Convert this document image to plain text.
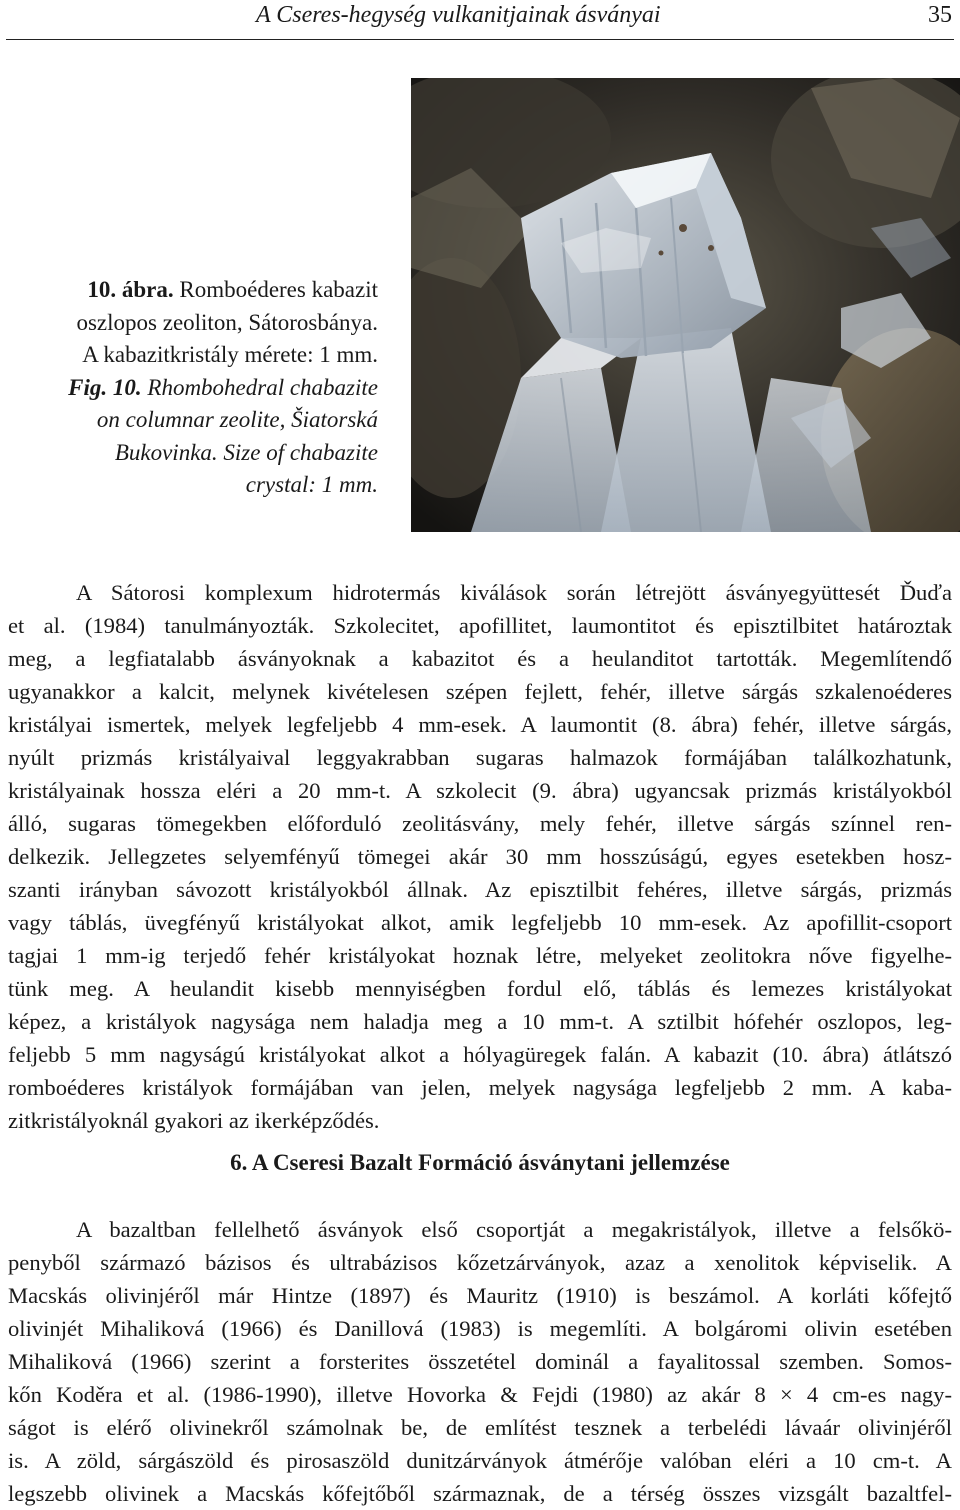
A Cseres-hegység vulkanitjainak ásványai	35
10. ábra. Romboéderes kabazit
oszlopos zeoliton, Sátorosbánya.
A kabazitkristály mérete: 1 mm.
Fig. 10. Rhombohedral chabazite
on columnar zeolite, Šiatorská
Bukovinka. Size of chabazite
crystal: 1 mm.
A Sátorosi komplexum hidrotermás kiválások során létrejött ásványegyüttesét Ďuďa
et al. (1984) tanulmányozták. Szkolecitet, apofillitet, laumontitot és episztilbitet határoztak
meg, a legfiatalabb ásványoknak a kabazitot és a heulanditot tartották. Megemlítendő
ugyanakkor a kalcit, melynek kivételesen szépen fejlett, fehér, illetve sárgás szkalenoéderes
kristályai ismertek, melyek legfeljebb 4 mm-esek. A laumontit (8. ábra) fehér, illetve sárgás,
nyúlt prizmás kristályaival leggyakrabban sugaras halmazok formájában találkozhatunk,
kristályainak hossza eléri a 20 mm-t. A szkolecit (9. ábra) ugyancsak prizmás kristályokból
álló, sugaras tömegekben előforduló zeolitásvány, mely fehér, illetve sárgás színnel ren-
delkezik. Jellegzetes selyemfényű tömegei akár 30 mm hosszúságú, egyes esetekben hosz-
szanti irányban sávozott kristályokból állnak. Az episztilbit fehéres, illetve sárgás, prizmás
vagy táblás, üvegfényű kristályokat alkot, amik legfeljebb 10 mm-esek. Az apofillit-csoport
tagjai 1 mm-ig terjedő fehér kristályokat hoznak létre, melyeket zeolitokra nőve figyelhe-
tünk meg. A heulandit kisebb mennyiségben fordul elő, táblás és lemezes kristályokat
képez, a kristályok nagysága nem haladja meg a 10 mm-t. A sztilbit hófehér oszlopos, leg-
feljebb 5 mm nagyságú kristályokat alkot a hólyagüregek falán. A kabazit (10. ábra) átlátszó
romboéderes kristályok formájában van jelen, melyek nagysága legfeljebb 2 mm. A kaba-
zitkristályoknál gyakori az ikerképződés.
6. A Cseresi Bazalt Formáció ásványtani jellemzése
A bazaltban fellelhető ásványok első csoportját a megakristályok, illetve a felsőkö-
penyből származó bázisos és ultrabázisos kőzetzárványok, azaz a xenolitok képviselik. A
Macskás olivinjéről már Hintze (1897) és Mauritz (1910) is beszámol. A korláti kőfejtő
olivinjét Mihaliková (1966) és Danillová (1983) is megemlíti. A bolgáromi olivin esetében
Mihaliková (1966) szerint a forsterites összetétel dominál a fayalitossal szemben. Somos-
kőn Koděra et al. (1986-1990), illetve Hovorka & Fejdi (1980) az akár 8 × 4 cm-es nagy-
ságot is elérő olivinekről számolnak be, de említést tesznek a terbelédi lávaár olivinjéről
is. A zöld, sárgászöld és pirosaszöld dunitzárványok átmérője valóban eléri a 10 cm-t. A
legszebb olivinek a Macskás kőfejtőből származnak, de a térség összes vizsgált bazaltfel-
